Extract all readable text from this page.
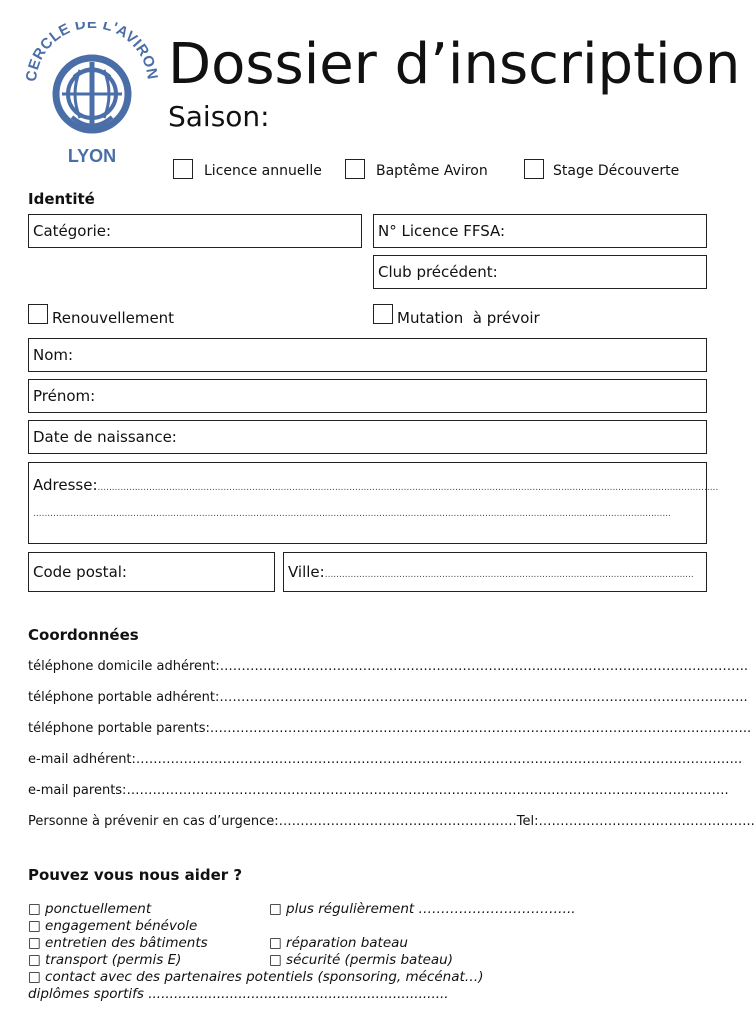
CERCLE DE L'AVIRON
LYON
Dossier d’inscription
Saison:
Licence annuelle	Baptême Aviron	Stage Découverte
Identité
Catégorie:	N° Licence FFSA:
Club précédent:
Renouvellement	Mutation  à prévoir
Nom:
Prénom:
Date de naissance:
Adresse:.........................................................................................................................................................................................................................
...............................................................................................................................................................................................................................
Code postal:	Ville:.................................................................................................................................
Coordonnées
téléphone domicile adhérent:…………………………………………………………………………………………………………..
téléphone portable adhérent:…………………………………………………………………………………………………………..
téléphone portable parents:……………………………………………………………………………………………………………..
e-mail adhérent:…………………………………………………………………………………………………………………………..
e-mail parents:………………………………………………………………………………………………………………………….
Personne à prévenir en cas d’urgence:……………………………………………….Tel:…………………………………………..
Pouvez vous nous aider ?
□ ponctuellement	□ plus régulièrement ……………………………..
□ engagement bénévole
□ entretien des bâtiments	□ réparation bateau
□ transport (permis E)	□ sécurité (permis bateau)
□ contact avec des partenaires potentiels (sponsoring, mécénat…)
diplômes sportifs ......................................................................
